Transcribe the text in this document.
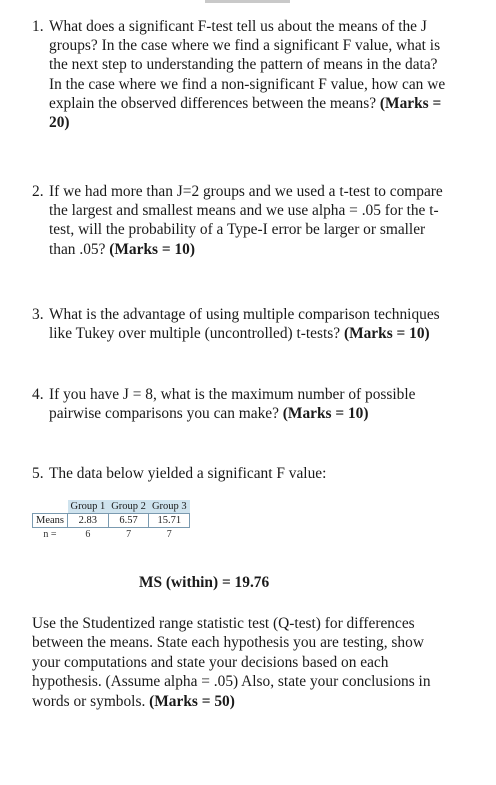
1. What does a significant F-test tell us about the means of the J groups? In the case where we find a significant F value, what is the next step to understanding the pattern of means in the data? In the case where we find a non-significant F value, how can we explain the observed differences between the means? (Marks = 20)
2. If we had more than J=2 groups and we used a t-test to compare the largest and smallest means and we use alpha = .05 for the t-test, will the probability of a Type-I error be larger or smaller than .05? (Marks = 10)
3. What is the advantage of using multiple comparison techniques like Tukey over multiple (uncontrolled) t-tests? (Marks = 10)
4. If you have J = 8, what is the maximum number of possible pairwise comparisons you can make? (Marks = 10)
5. The data below yielded a significant F value:
	Group 1	Group 2	Group 3
Means	2.83	6.57	15.71
n =	6	7	7
MS (within) = 19.76
Use the Studentized range statistic test (Q-test) for differences between the means. State each hypothesis you are testing, show your computations and state your decisions based on each hypothesis. (Assume alpha = .05) Also, state your conclusions in words or symbols. (Marks = 50)
